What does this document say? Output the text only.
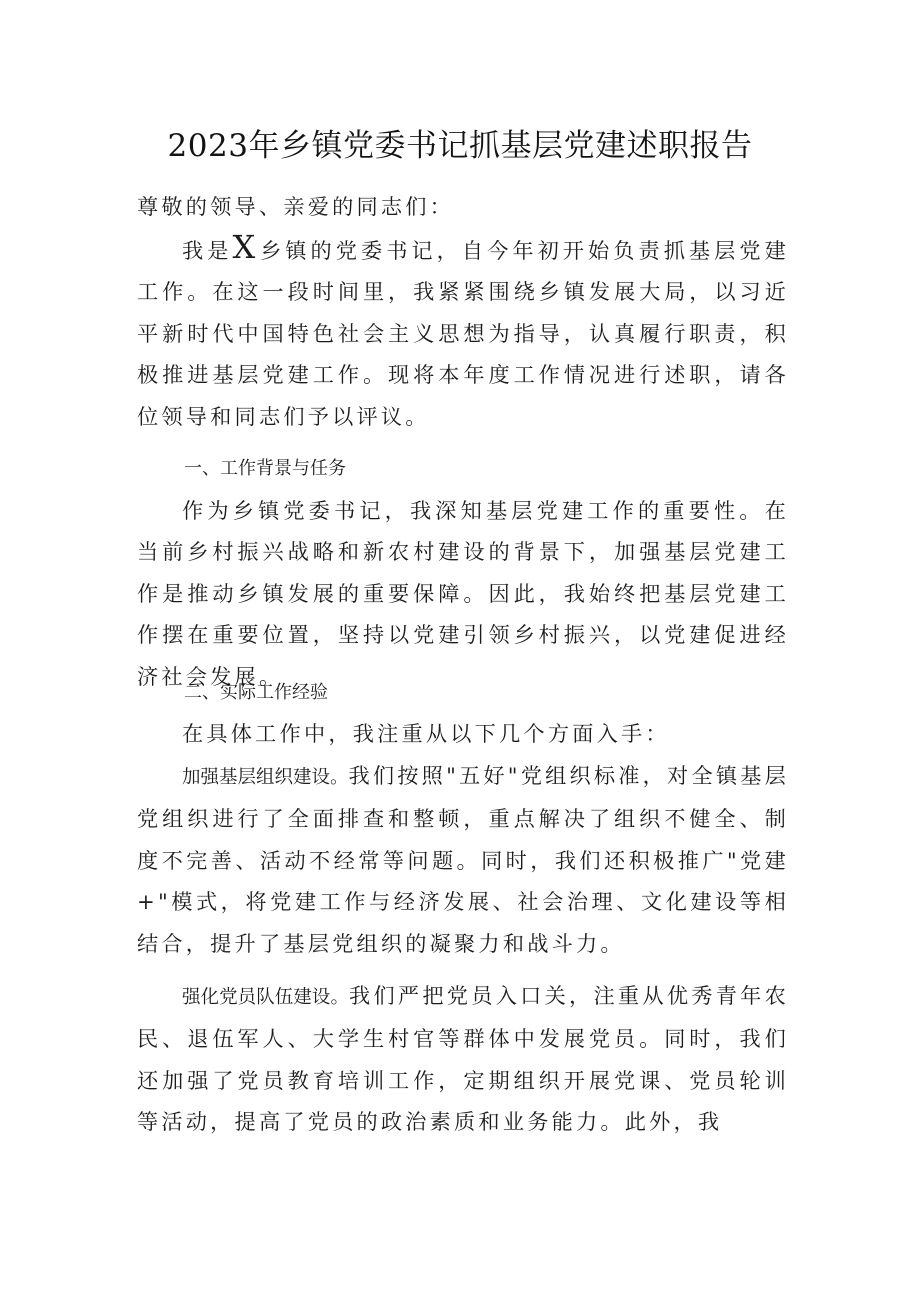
2023年乡镇党委书记抓基层党建述职报告
尊敬的领导、亲爱的同志们：
我是X乡镇的党委书记，自今年初开始负责抓基层党建工作。在这一段时间里，我紧紧围绕乡镇发展大局，以习近平新时代中国特色社会主义思想为指导，认真履行职责，积极推进基层党建工作。现将本年度工作情况进行述职，请各位领导和同志们予以评议。
一、工作背景与任务
作为乡镇党委书记，我深知基层党建工作的重要性。在当前乡村振兴战略和新农村建设的背景下，加强基层党建工作是推动乡镇发展的重要保障。因此，我始终把基层党建工作摆在重要位置，坚持以党建引领乡村振兴，以党建促进经济社会发展。
二、实际工作经验
在具体工作中，我注重从以下几个方面入手：
加强基层组织建设。我们按照"五好"党组织标准，对全镇基层党组织进行了全面排查和整顿，重点解决了组织不健全、制度不完善、活动不经常等问题。同时，我们还积极推广"党建+"模式，将党建工作与经济发展、社会治理、文化建设等相结合，提升了基层党组织的凝聚力和战斗力。
强化党员队伍建设。我们严把党员入口关，注重从优秀青年农民、退伍军人、大学生村官等群体中发展党员。同时，我们还加强了党员教育培训工作，定期组织开展党课、党员轮训等活动，提高了党员的政治素质和业务能力。此外，我
